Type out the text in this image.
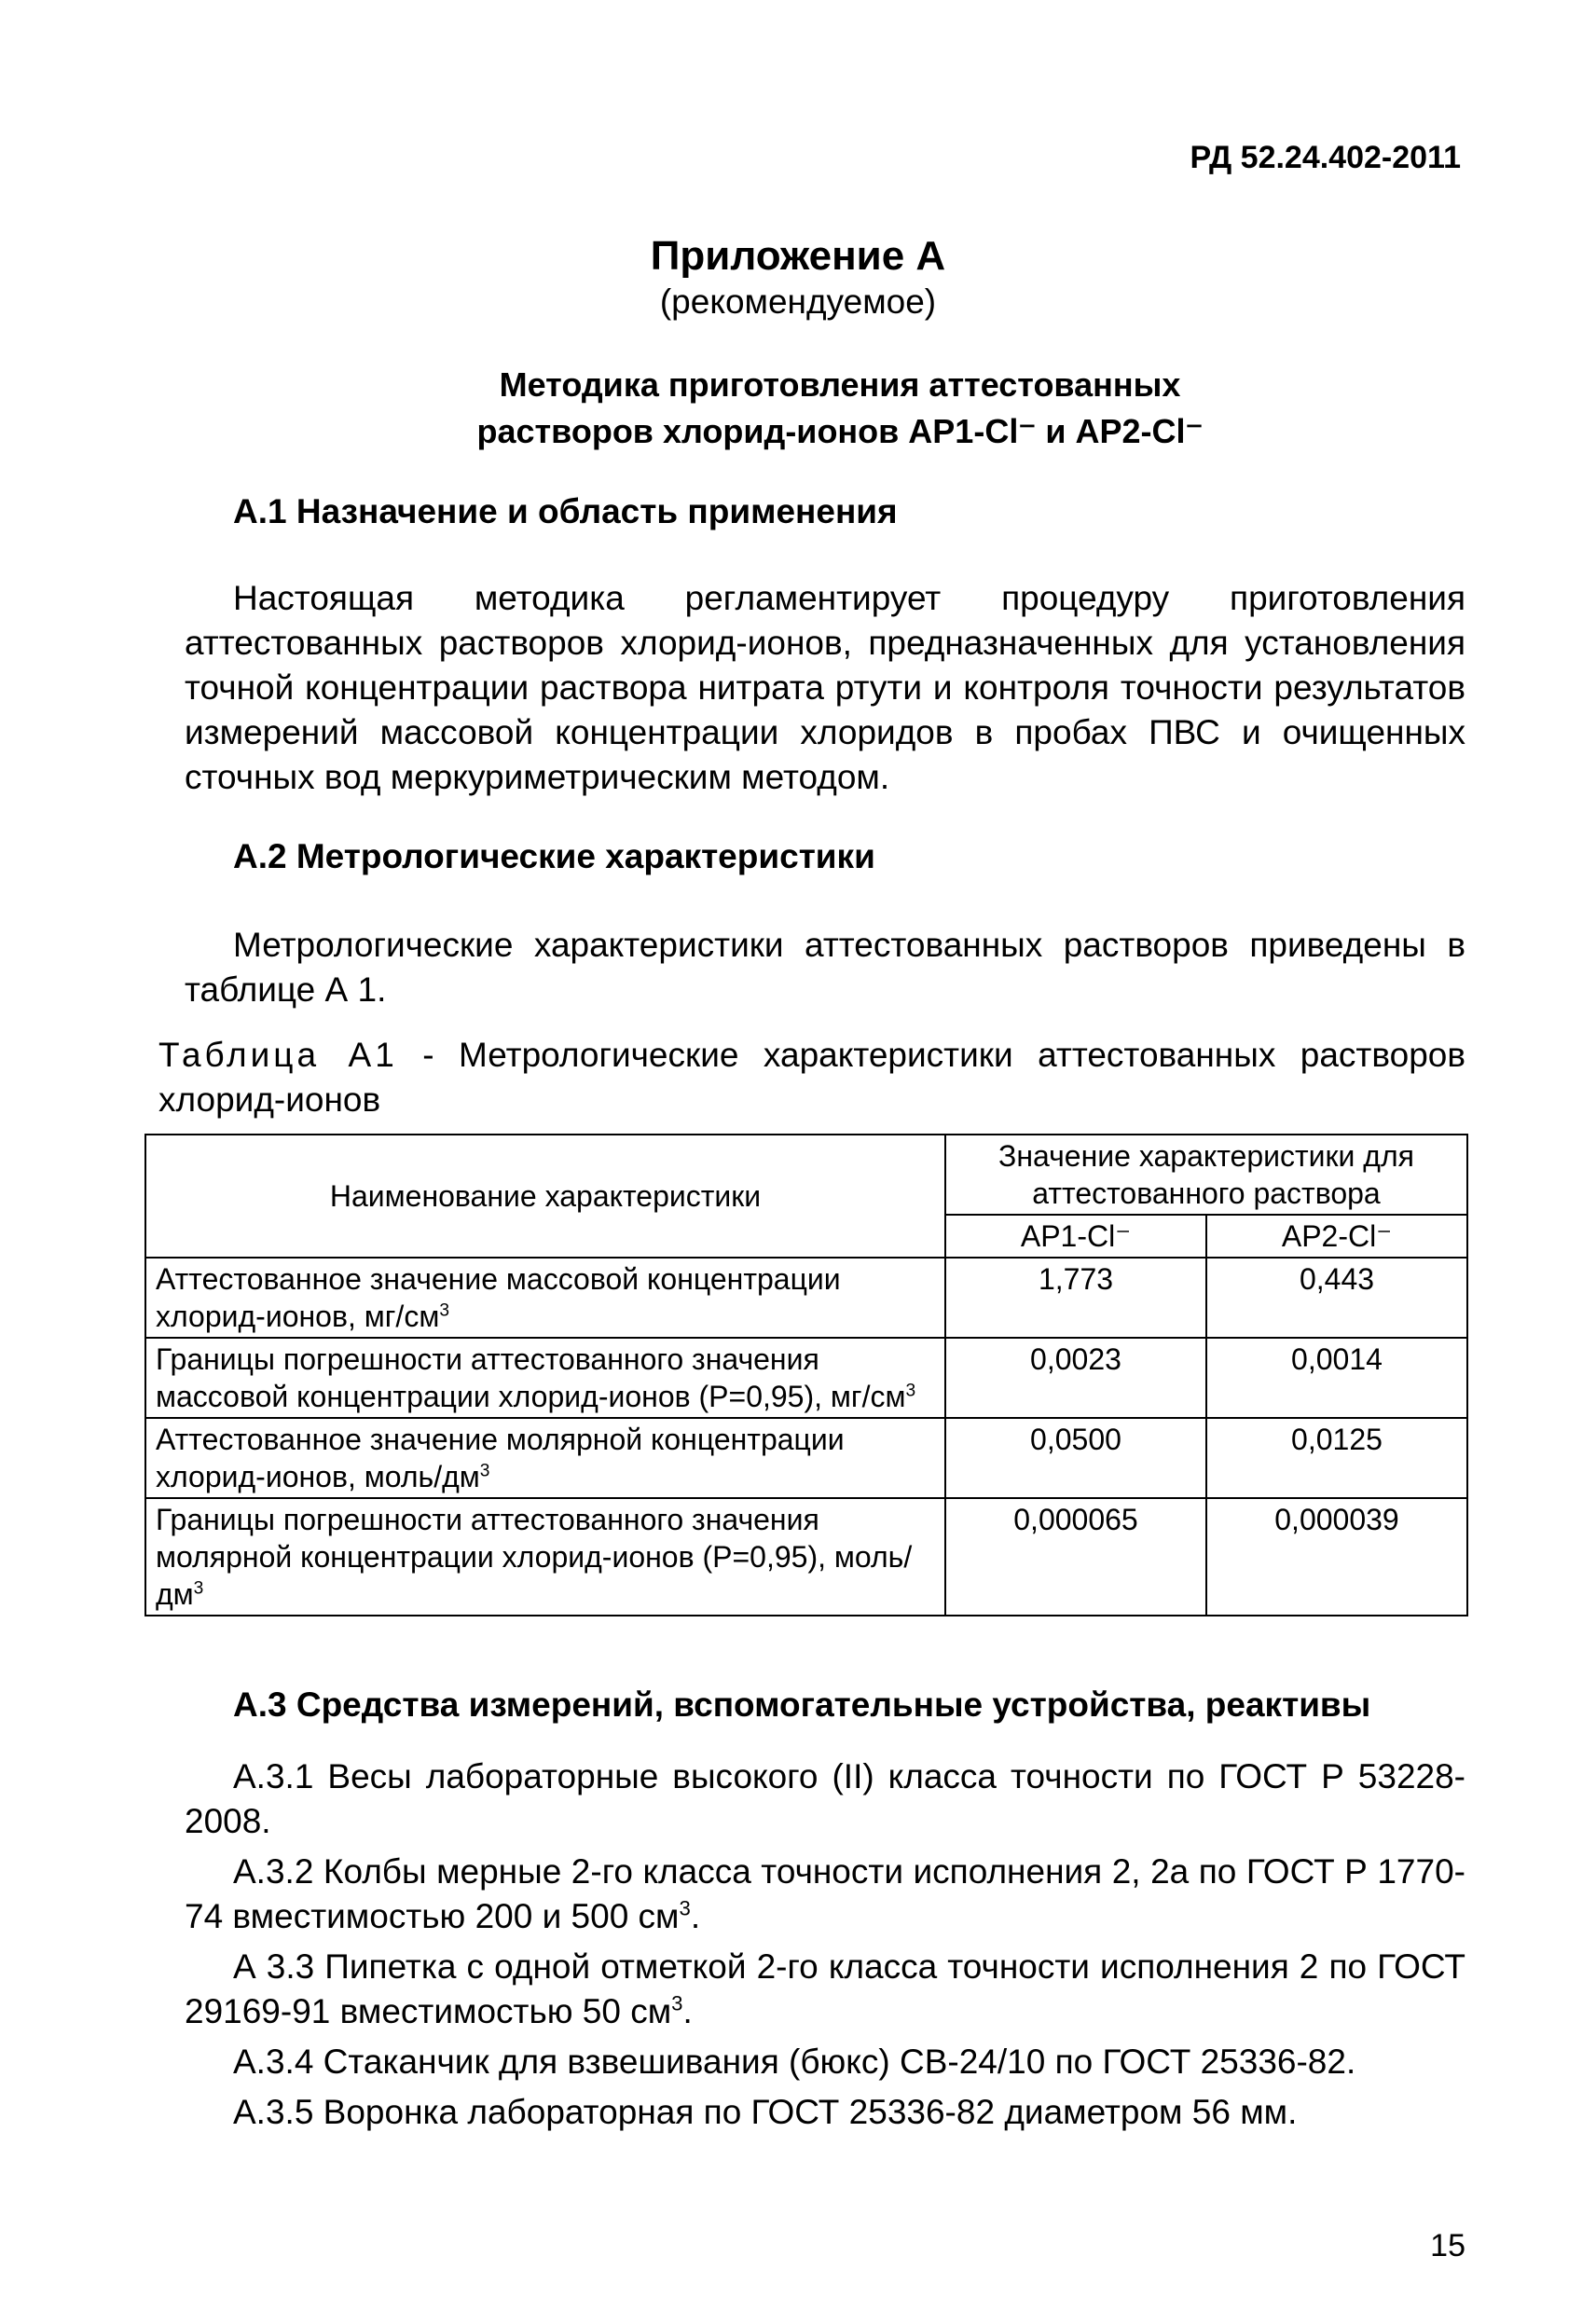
РД 52.24.402-2011
Приложение А
(рекомендуемое)
Методика приготовления аттестованных
растворов хлорид-ионов АР1-Cl⁻ и АР2-Cl⁻
А.1 Назначение и область применения

Настоящая методика регламентирует процедуру приготовления аттестованных растворов хлорид-ионов, предназначенных для установления точной концентрации раствора нитрата ртути и контроля точности результатов измерений массовой концентрации хлоридов в пробах ПВС и очищенных сточных вод меркуриметрическим методом.

А.2 Метрологические характеристики

Метрологические характеристики аттестованных растворов приведены в таблице А 1.

Таблица А1 - Метрологические характеристики аттестованных растворов хлорид-ионов

Наименование характеристики	Значение характеристики для аттестованного раствора	
	АР1-Cl⁻	АР2-Cl⁻
Аттестованное значение массовой концентрации хлорид-ионов, $мг/см^3$	1,773	0,443
Границы погрешности аттестованного значения массовой концентрации хлорид-ионов (Р=0,95), $мг/см^3$	0,0023	0,0014
Аттестованное значение молярной концентрации хлорид-ионов, моль/$дм^3$	0,0500	0,0125
Границы погрешности аттестованного значения молярной концентрации хлорид-ионов (Р=0,95), моль/$дм^3$	0,000065	0,000039
А.3 Средства измерений, вспомогательные устройства, реактивы

А.3.1 Весы лабораторные высокого (II) класса точности по ГОСТ Р 53228-2008.

А.3.2 Колбы мерные 2-го класса точности исполнения 2, 2а по ГОСТ Р 1770-74 вместимостью 200 и 500 $см^3$.

А 3.3 Пипетка с одной отметкой 2-го класса точности исполнения 2 по ГОСТ 29169-91 вместимостью 50 $см^3$.

А.3.4 Стаканчик для взвешивания (бюкс) СВ-24/10 по ГОСТ 25336-82.

А.3.5 Воронка лабораторная по ГОСТ 25336-82 диаметром 56 мм.

15
